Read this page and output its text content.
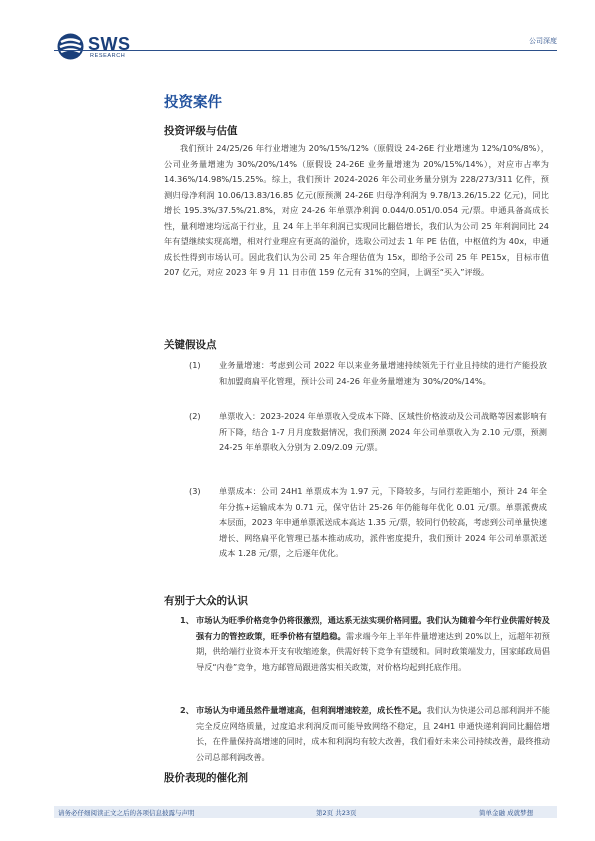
SWS
RESEARCH
公司深度
投资案件
投资评级与估值

我们预计 24/25/26 年行业增速为 20%/15%/12%（原假设 24-26E 行业增速为 12%/10%/8%），公司业务量增速为 30%/20%/14%（原假设 24-26E 业务量增速为 20%/15%/14%），对应市占率为 14.36%/14.98%/15.25%。综上，我们预计 2024-2026 年公司业务量分别为 228/273/311 亿件，预测归母净利润 10.06/13.83/16.85 亿元(原预测 24-26E 归母净利润为 9.78/13.26/15.22 亿元)，同比增长 195.3%/37.5%/21.8%，对应 24-26 年单票净利润 0.044/0.051/0.054 元/票。申通具备高成长性，量利增速均远高于行业，且 24 年上半年利润已实现同比翻倍增长，我们认为公司 25 年利润同比 24 年有望继续实现高增，相对行业理应有更高的溢价，选取公司过去 1 年 PE 估值，中枢值约为 40x，申通成长性得到市场认可。因此我们认为公司 25 年合理估值为 15x，即给予公司 25 年 PE15x，目标市值 207 亿元，对应 2023 年 9 月 11 日市值 159 亿元有 31%的空间，上调至“买入”评级。

关键假设点
(1) 业务量增速：考虑到公司 2022 年以来业务量增速持续领先于行业且持续的进行产能投放和加盟商扁平化管理，预计公司 24-26 年业务量增速为 30%/20%/14%。
(2) 单票收入：2023-2024 年单票收入受成本下降、区域性价格波动及公司战略等因素影响有所下降，结合 1-7 月月度数据情况，我们预测 2024 年公司单票收入为 2.10 元/票，预测 24-25 年单票收入分别为 2.09/2.09 元/票。
(3) 单票成本：公司 24H1 单票成本为 1.97 元，下降较多，与同行差距缩小，预计 24 年全年分拣+运输成本为 0.71 元，保守估计 25-26 年仍能每年优化 0.01 元/票。单票派费成本层面，2023 年申通单票派送成本高达 1.35 元/票，较同行仍较高，考虑到公司单量快速增长、网络扁平化管理已基本推动成功，派件密度提升，我们预计 2024 年公司单票派送成本 1.28 元/票，之后逐年优化。
有别于大众的认识
1、 市场认为旺季价格竞争仍将很激烈，通达系无法实现价格同盟。我们认为随着今年行业供需好转及强有力的管控政策，旺季价格有望趋稳。需求端今年上半年件量增速达到 20%以上，远超年初预期，供给端行业资本开支有收缩迹象，供需好转下竞争有望缓和。同时政策端发力，国家邮政局倡导反“内卷”竞争，地方邮管局跟进落实相关政策，对价格均起到托底作用。
2、 市场认为申通虽然件量增速高，但利润增速较差，成长性不足。我们认为快递公司总部利润并不能完全反应网络质量，过度追求利润反而可能导致网络不稳定，且 24H1 申通快递利润同比翻倍增长，在件量保持高增速的同时，成本和利润均有较大改善，我们看好未来公司持续改善，最终推动公司总部利润改善。
股价表现的催化剂
请务必仔细阅读正文之后的各项信息披露与声明	第2页 共23页	简单金融 成就梦想
